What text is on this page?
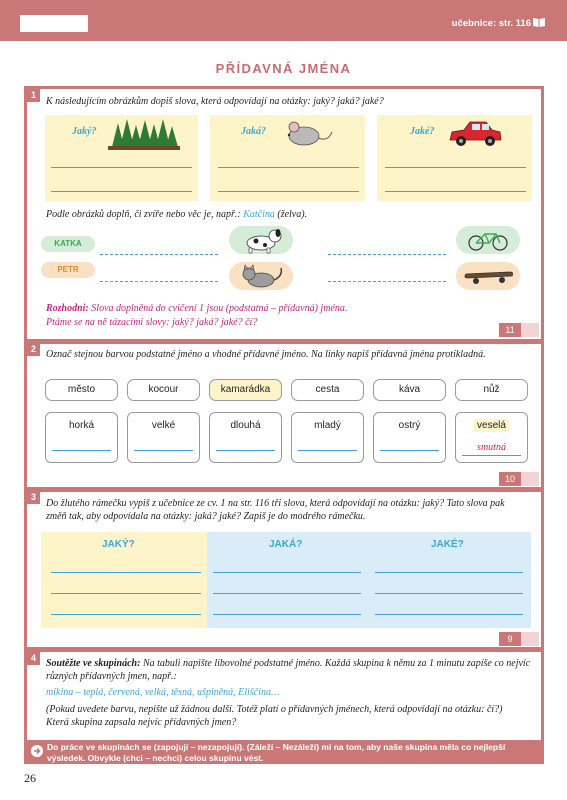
učebnice: str. 116
PŘÍDAVNÁ JMÉNA
1
K následujícím obrázkům dopiš slova, která odpovídají na otázky: jaký? jaká? jaké?
Jaký?	Jaká?	Jaké?
Podle obrázků doplň, či zvíře nebo věc je, např.: Katčina (želva).
KATKA
PETR
Rozhodni: Slova doplněná do cvičení 1 jsou (podstatná – přídavná) jména.
Ptáme se na ně tázacími slovy: jaký? jaká? jaké? čí?
11
2	Označ stejnou barvou podstatné jméno a vhodné přídavné jméno. Na linky napiš přídavná jména protikladná.
město	kocour	kamarádka	cesta	káva	nůž
horká	velké	dlouhá	mladý	ostrý	veselá
smutná
10
3
Do žlutého rámečku vypiš z učebnice ze cv. 1 na str. 116 tři slova, která odpovídají na otázku: jaký? Tato slova pak změň tak, aby odpovídala na otázky: jaká? jaké? Zapiš je do modrého rámečku.
JAKÝ?	JAKÁ?	JAKÉ?
9
4	Soutěžte ve skupinách: Na tabuli napište libovolné podstatné jméno. Každá skupina k němu za 1 minutu zapíše co nejvíc různých přídavných jmen, např.:
mikina – teplá, červená, velká, těsná, ušpiněná, Eliščina…
(Pokud uvedete barvu, nepište už žádnou další. Totéž platí o přídavných jménech, která odpovídají na otázku: čí?) Která skupina zapsala nejvíc přídavných jmen?
Do práce ve skupinách se (zapojují – nezapojují). (Záleží – Nezáleží) mi na tom, aby naše skupina měla co nejlepší výsledek. Obvykle (chci – nechci) celou skupinu vést.
26
